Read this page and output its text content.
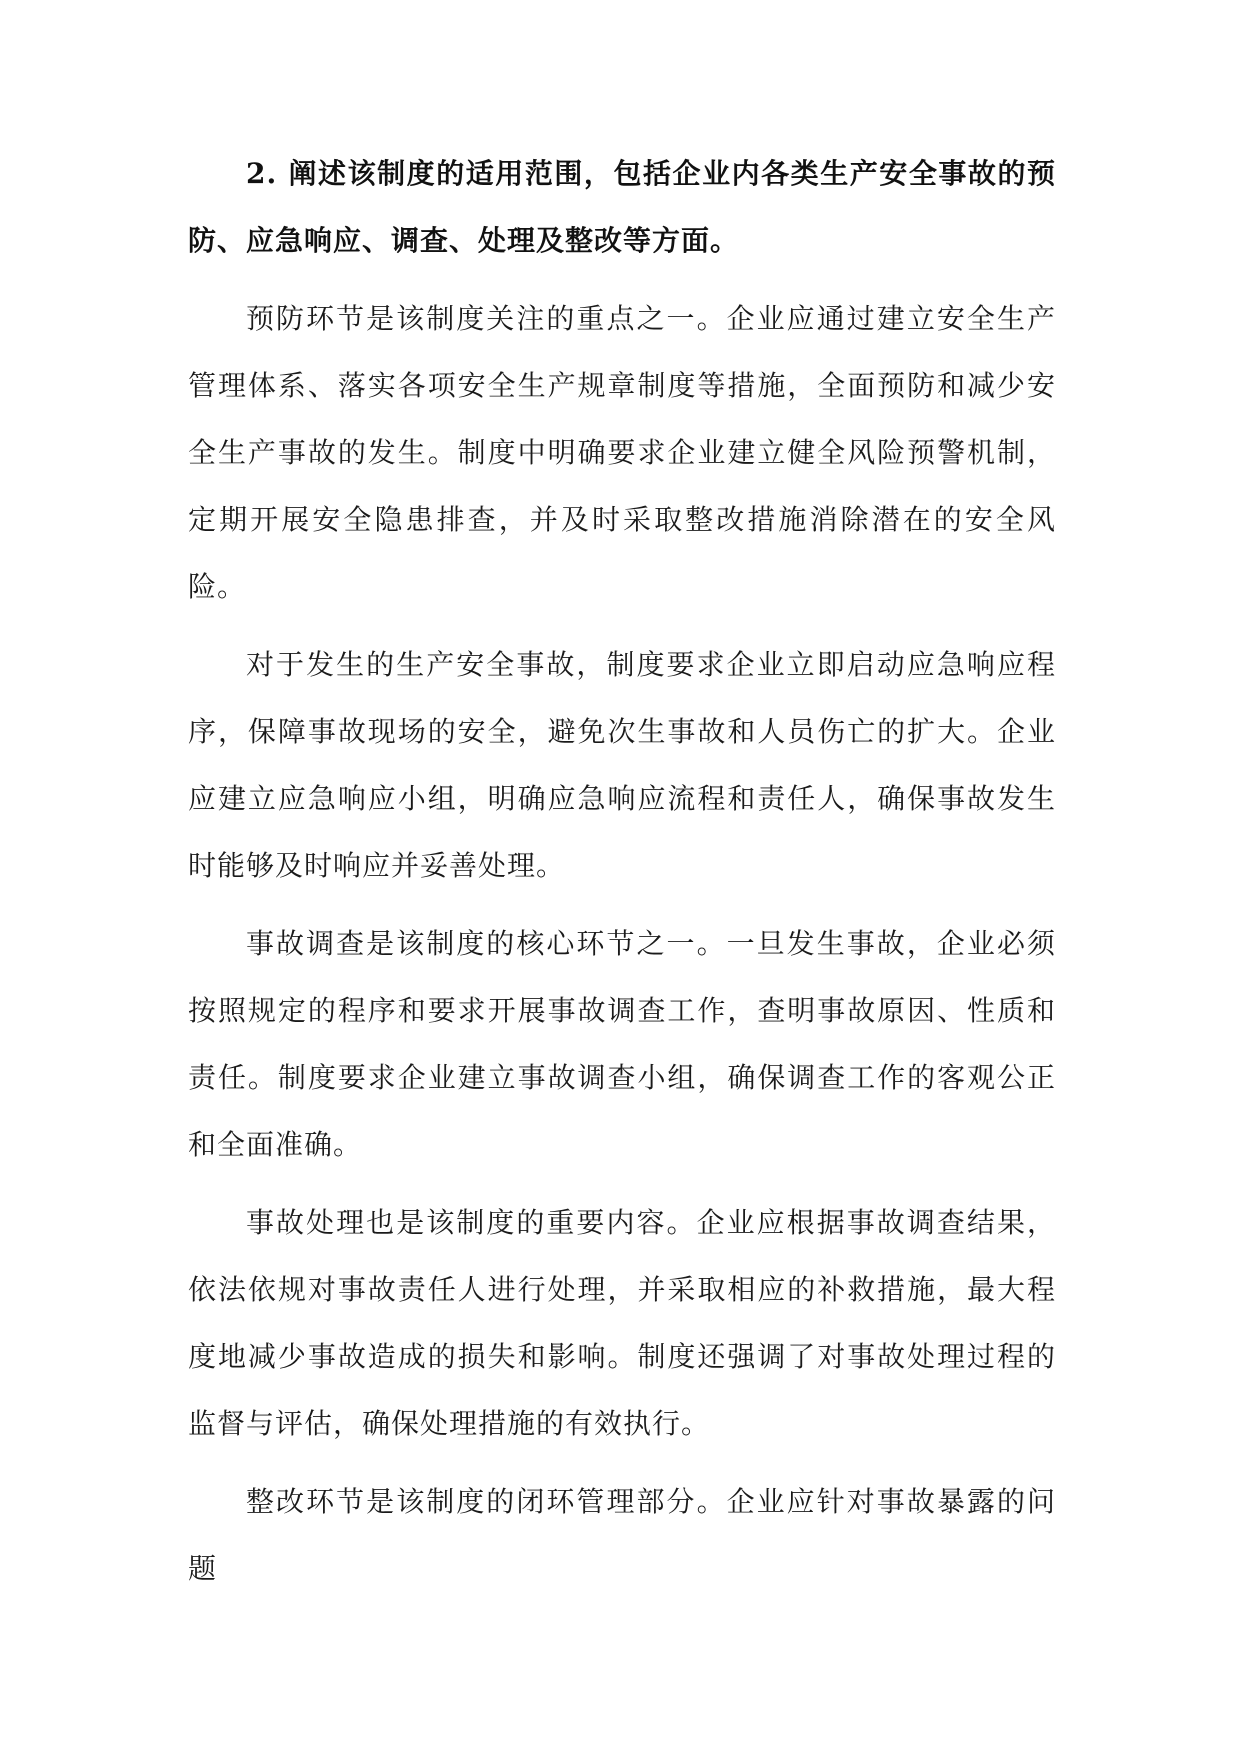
2. 阐述该制度的适用范围，包括企业内各类生产安全事故的预防、应急响应、调查、处理及整改等方面。

预防环节是该制度关注的重点之一。企业应通过建立安全生产管理体系、落实各项安全生产规章制度等措施，全面预防和减少安全生产事故的发生。制度中明确要求企业建立健全风险预警机制，定期开展安全隐患排查，并及时采取整改措施消除潜在的安全风险。

对于发生的生产安全事故，制度要求企业立即启动应急响应程序，保障事故现场的安全，避免次生事故和人员伤亡的扩大。企业应建立应急响应小组，明确应急响应流程和责任人，确保事故发生时能够及时响应并妥善处理。

事故调查是该制度的核心环节之一。一旦发生事故，企业必须按照规定的程序和要求开展事故调查工作，查明事故原因、性质和责任。制度要求企业建立事故调查小组，确保调查工作的客观公正和全面准确。

事故处理也是该制度的重要内容。企业应根据事故调查结果，依法依规对事故责任人进行处理，并采取相应的补救措施，最大程度地减少事故造成的损失和影响。制度还强调了对事故处理过程的监督与评估，确保处理措施的有效执行。

整改环节是该制度的闭环管理部分。企业应针对事故暴露的问题
